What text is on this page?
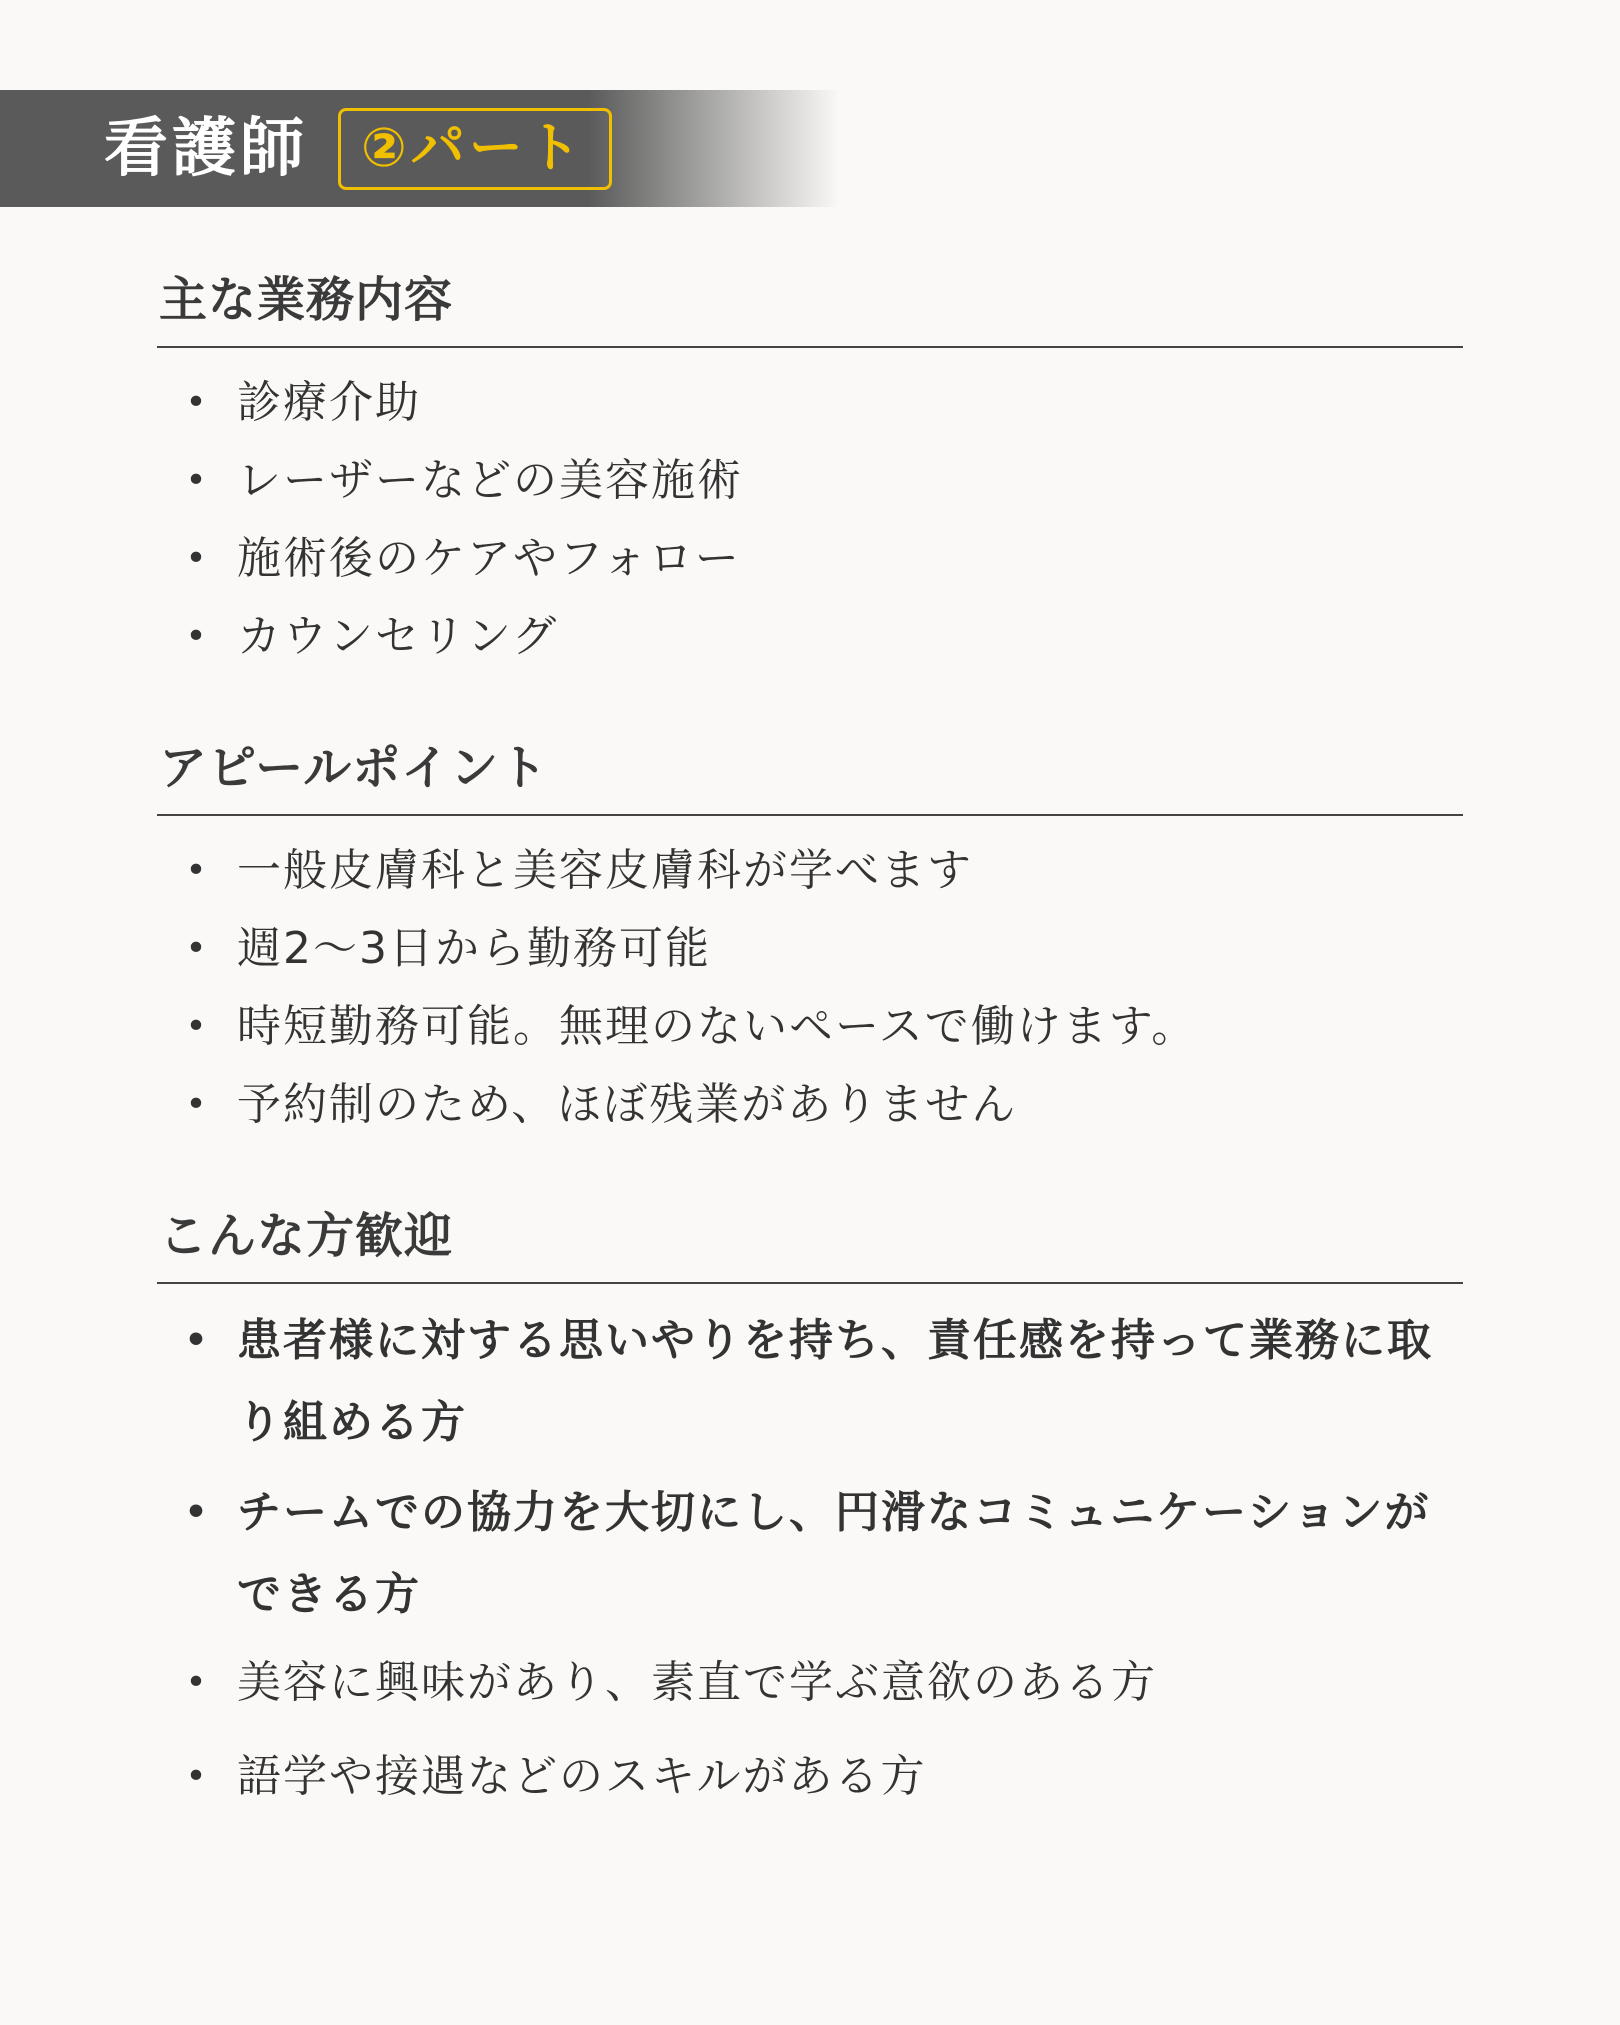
看護師 ②パート
主な業務内容
• 診療介助
• レーザーなどの美容施術
• 施術後のケアやフォロー
• カウンセリング
アピールポイント
• 一般皮膚科と美容皮膚科が学べます
• 週2〜3日から勤務可能
• 時短勤務可能。無理のないペースで働けます。
• 予約制のため、ほぼ残業がありません
こんな方歓迎
• 患者様に対する思いやりを持ち、責任感を持って業務に取り組める方
• チームでの協力を大切にし、円滑なコミュニケーションができる方
• 美容に興味があり、素直で学ぶ意欲のある方
• 語学や接遇などのスキルがある方
